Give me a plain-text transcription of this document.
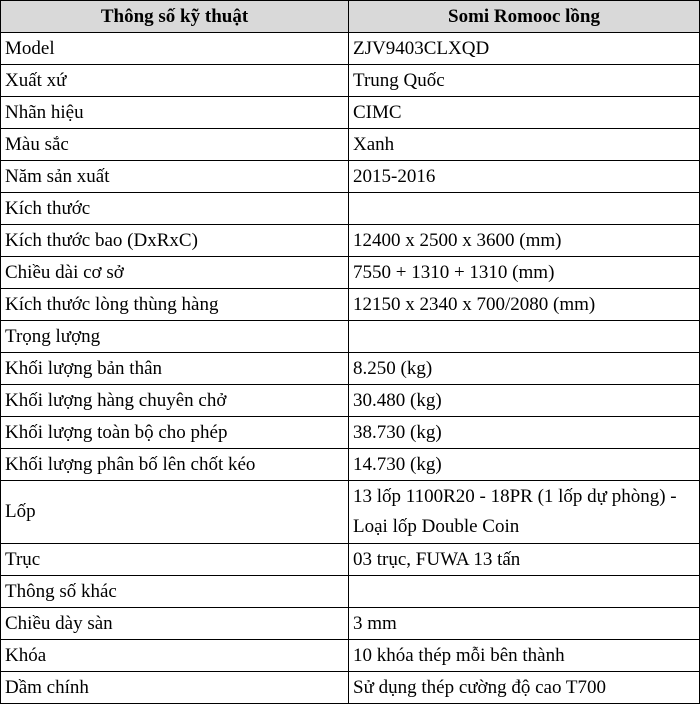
Thông số kỹ thuật	Somi Romooc lồng
Model	ZJV9403CLXQD
Xuất xứ	Trung Quốc
Nhãn hiệu	CIMC
Màu sắc	Xanh
Năm sản xuất	2015-2016
Kích thước	
Kích thước bao (DxRxC)	12400 x 2500 x 3600 (mm)
Chiều dài cơ sở	7550 + 1310 + 1310 (mm)
Kích thước lòng thùng hàng	12150 x 2340 x 700/2080 (mm)
Trọng lượng	
Khối lượng bản thân	8.250 (kg)
Khối lượng hàng chuyên chở	30.480 (kg)
Khối lượng toàn bộ cho phép	38.730 (kg)
Khối lượng phân bố lên chốt kéo	14.730 (kg)
Lốp	13 lốp 1100R20 - 18PR (1 lốp dự phòng) - Loại lốp Double Coin
Trục	03 trục, FUWA 13 tấn
Thông số khác	
Chiều dày sàn	3 mm
Khóa	10 khóa thép mỗi bên thành
Dầm chính	Sử dụng thép cường độ cao T700
